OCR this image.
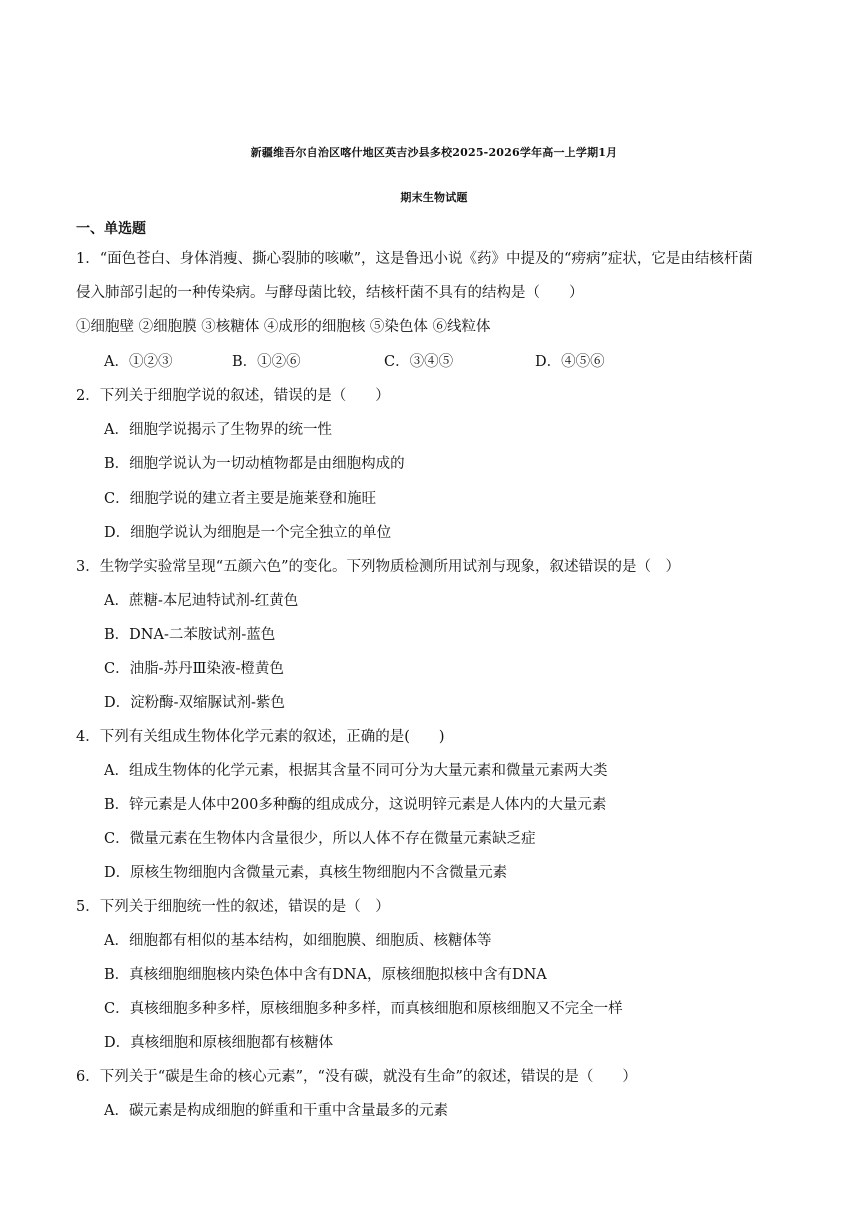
新疆维吾尔自治区喀什地区英吉沙县多校2025-2026学年高一上学期1月
期末生物试题
一、单选题
1．“面色苍白、身体消瘦、撕心裂肺的咳嗽”，这是鲁迅小说《药》中提及的“痨病”症状，它是由结核杆菌
侵入肺部引起的一种传染病。与酵母菌比较，结核杆菌不具有的结构是（　　）
①细胞壁 ②细胞膜 ③核糖体 ④成形的细胞核 ⑤染色体 ⑥线粒体
A．①②③	B．①②⑥	C．③④⑤	D．④⑤⑥
2．下列关于细胞学说的叙述，错误的是（　　）
A．细胞学说揭示了生物界的统一性
B．细胞学说认为一切动植物都是由细胞构成的
C．细胞学说的建立者主要是施莱登和施旺
D．细胞学说认为细胞是一个完全独立的单位
3．生物学实验常呈现“五颜六色”的变化。下列物质检测所用试剂与现象，叙述错误的是（　）
A．蔗糖-本尼迪特试剂-红黄色
B．DNA-二苯胺试剂-蓝色
C．油脂-苏丹Ⅲ染液-橙黄色
D．淀粉酶-双缩脲试剂-紫色
4．下列有关组成生物体化学元素的叙述，正确的是(　　)
A．组成生物体的化学元素，根据其含量不同可分为大量元素和微量元素两大类
B．锌元素是人体中200多种酶的组成成分，这说明锌元素是人体内的大量元素
C．微量元素在生物体内含量很少，所以人体不存在微量元素缺乏症
D．原核生物细胞内含微量元素，真核生物细胞内不含微量元素
5．下列关于细胞统一性的叙述，错误的是（　）
A．细胞都有相似的基本结构，如细胞膜、细胞质、核糖体等
B．真核细胞细胞核内染色体中含有DNA，原核细胞拟核中含有DNA
C．真核细胞多种多样，原核细胞多种多样，而真核细胞和原核细胞又不完全一样
D．真核细胞和原核细胞都有核糖体
6．下列关于“碳是生命的核心元素”，“没有碳，就没有生命”的叙述，错误的是（　　）
A．碳元素是构成细胞的鲜重和干重中含量最多的元素
